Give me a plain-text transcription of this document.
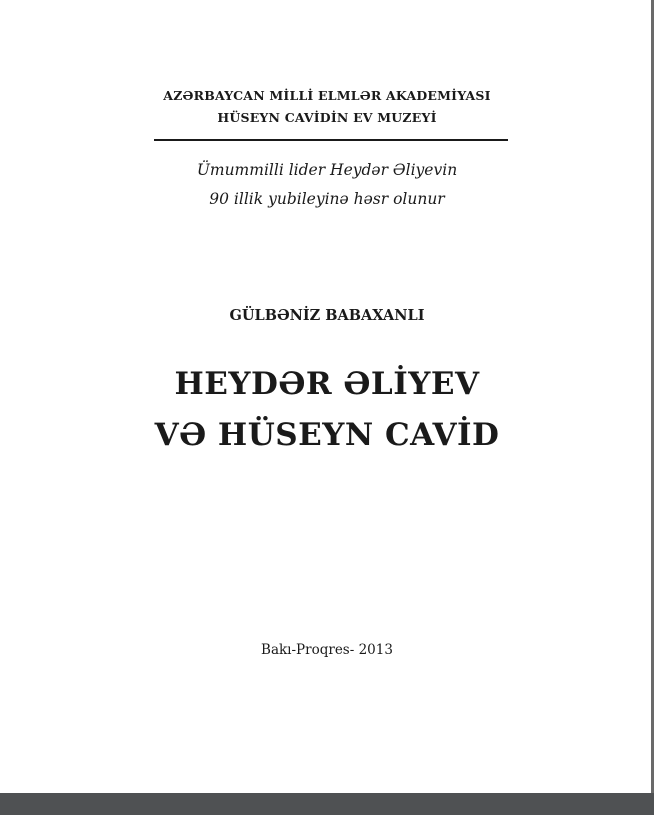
AZƏRBAYCAN MİLLİ ELMLƏR AKADEMİYASI
HÜSEYN CAVİDİN EV MUZEYİ
Ümummilli lider Heydər Əliyevin
90 illik yubileyinə həsr olunur
GÜLBƏNİZ BABAXANLI
HEYDƏR ƏLİYEV
VƏ HÜSEYN CAVİD
Bakı-Proqres- 2013
